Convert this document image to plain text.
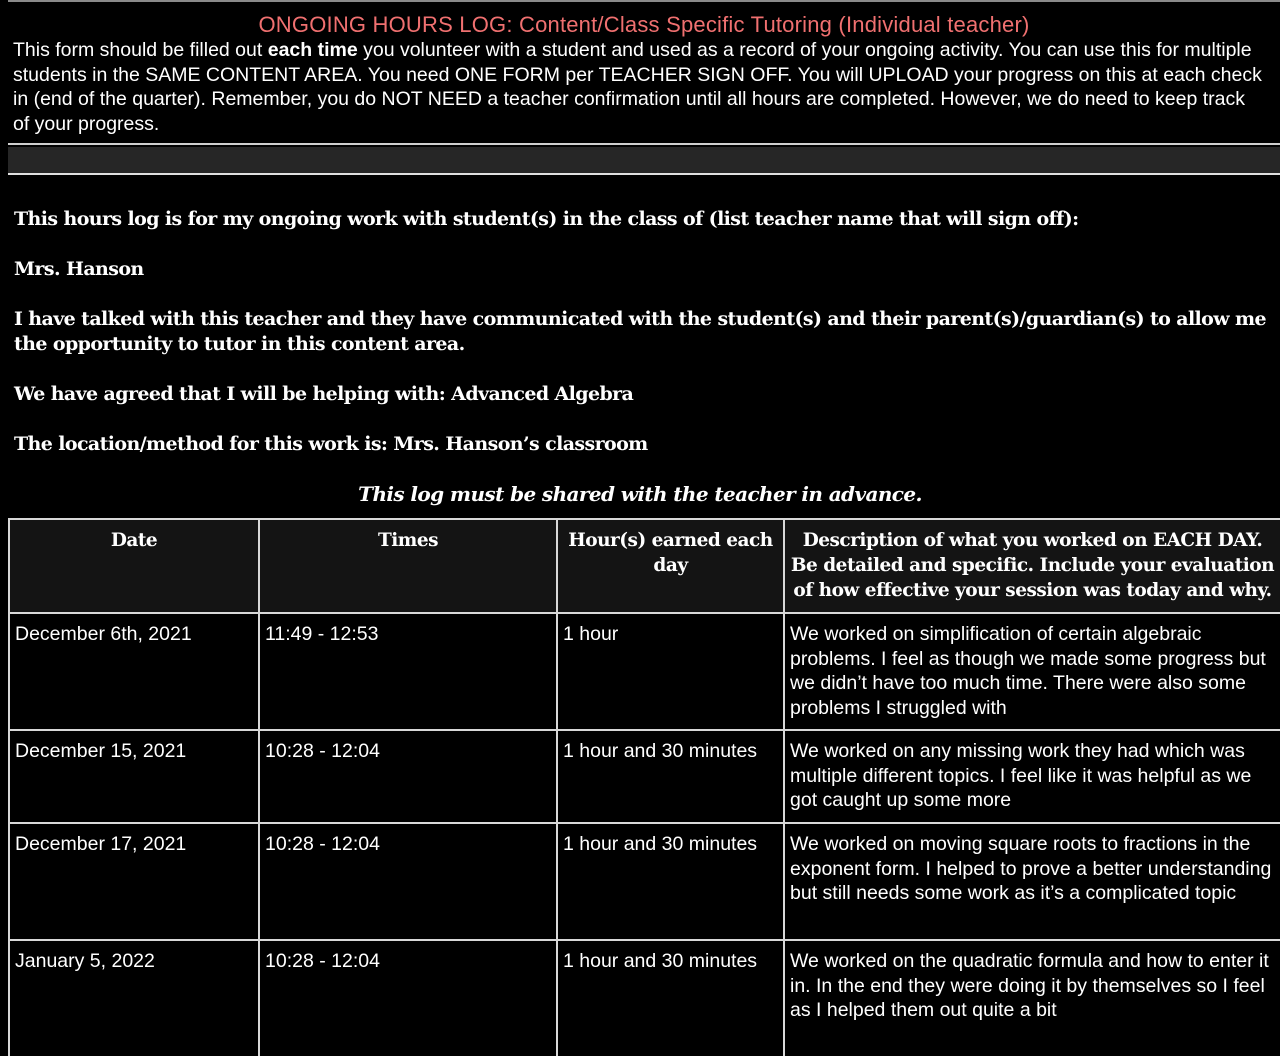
ONGOING HOURS LOG: Content/Class Specific Tutoring (Individual teacher)
This form should be filled out each time you volunteer with a student and used as a record of your ongoing activity. You can use this for multiple students in the SAME CONTENT AREA. You need ONE FORM per TEACHER SIGN OFF. You will UPLOAD your progress on this at each check in (end of the quarter). Remember, you do NOT NEED a teacher confirmation until all hours are completed. However, we do need to keep track of your progress.
This hours log is for my ongoing work with student(s) in the class of (list teacher name that will sign off):
Mrs. Hanson
I have talked with this teacher and they have communicated with the student(s) and their parent(s)/guardian(s) to allow me the opportunity to tutor in this content area.
We have agreed that I will be helping with: Advanced Algebra
The location/method for this work is: Mrs. Hanson’s classroom
This log must be shared with the teacher in advance.
Date	Times	Hour(s) earned each day	Description of what you worked on EACH DAY. Be detailed and specific. Include your evaluation of how effective your session was today and why.
December 6th, 2021	11:49 - 12:53	1 hour	We worked on simplification of certain algebraic problems. I feel as though we made some progress but we didn’t have too much time. There were also some problems I struggled with
December 15, 2021	10:28 - 12:04	1 hour and 30 minutes	We worked on any missing work they had which was multiple different topics. I feel like it was helpful as we got caught up some more
December 17, 2021	10:28 - 12:04	1 hour and 30 minutes	We worked on moving square roots to fractions in the exponent form. I helped to prove a better understanding but still needs some work as it’s a complicated topic
January 5, 2022	10:28 - 12:04	1 hour and 30 minutes	We worked on the quadratic formula and how to enter it in. In the end they were doing it by themselves so I feel as I helped them out quite a bit
